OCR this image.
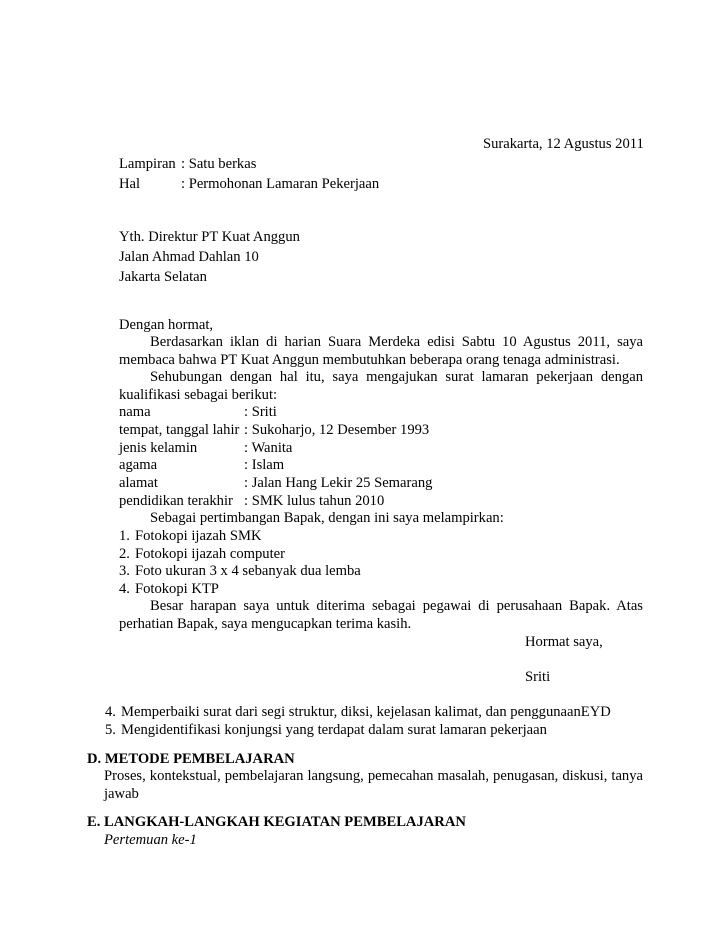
Surakarta, 12 Agustus 2011
Lampiran : Satu berkas
Hal	: Permohonan Lamaran Pekerjaan
Yth. Direktur PT Kuat Anggun
Jalan Ahmad Dahlan 10
Jakarta Selatan
Dengan hormat,
Berdasarkan iklan di harian Suara Merdeka edisi Sabtu 10 Agustus 2011, saya
membaca bahwa PT Kuat Anggun membutuhkan beberapa orang tenaga administrasi.
Sehubungan dengan hal itu, saya mengajukan surat lamaran pekerjaan dengan
kualifikasi sebagai berikut:
nama	: Sriti
tempat, tanggal lahir : Sukoharjo, 12 Desember 1993
jenis kelamin	: Wanita
agama	: Islam
alamat	: Jalan Hang Lekir 25 Semarang
pendidikan terakhir : SMK lulus tahun 2010
Sebagai pertimbangan Bapak, dengan ini saya melampirkan:
1. Fotokopi ijazah SMK
2. Fotokopi ijazah computer
3. Foto ukuran 3 x 4 sebanyak dua lemba
4. Fotokopi KTP
Besar harapan saya untuk diterima sebagai pegawai di perusahaan Bapak. Atas
perhatian Bapak, saya mengucapkan terima kasih.
Hormat saya,
Sriti
4. Memperbaiki surat dari segi struktur, diksi, kejelasan kalimat, dan penggunaanEYD
5. Mengidentifikasi konjungsi yang terdapat dalam surat lamaran pekerjaan
D. METODE PEMBELAJARAN
Proses, kontekstual, pembelajaran langsung, pemecahan masalah, penugasan, diskusi, tanya
jawab
E. LANGKAH-LANGKAH KEGIATAN PEMBELAJARAN
Pertemuan ke-1
